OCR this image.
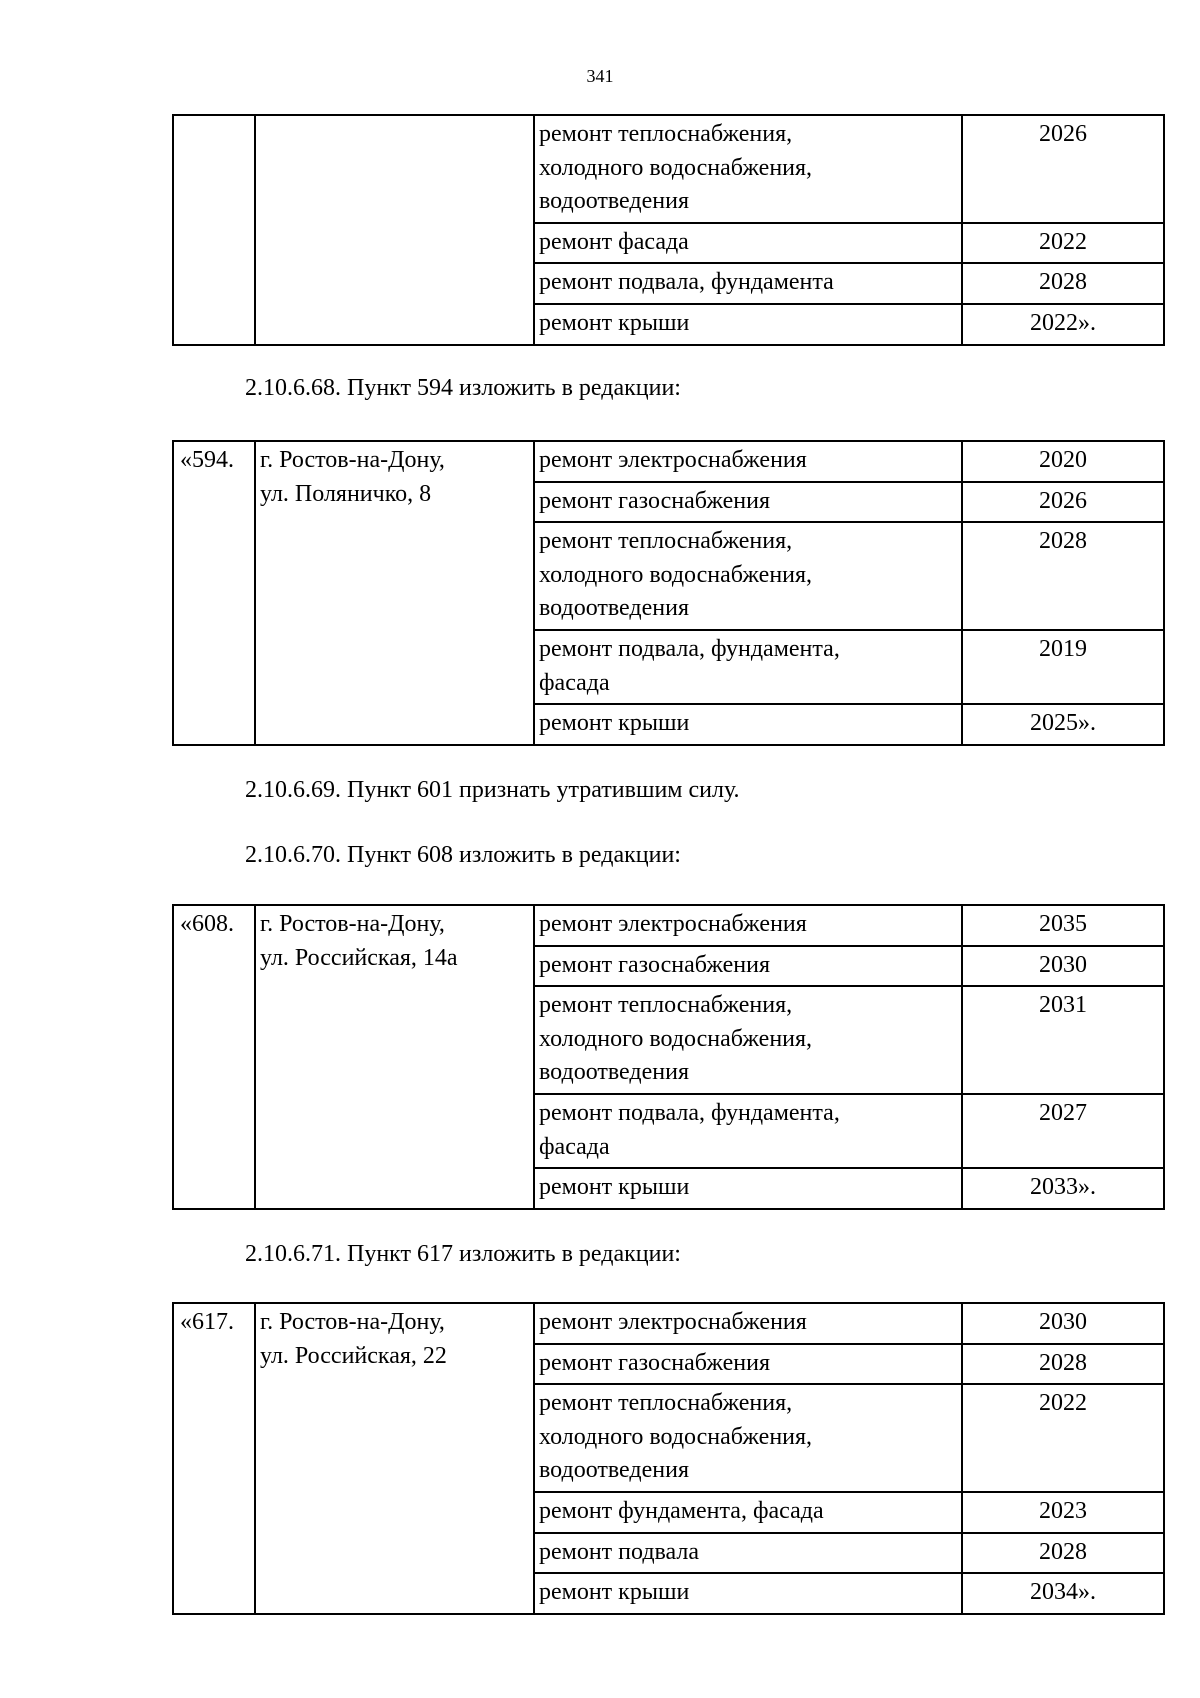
341

		ремонт теплоснабжения,
холодного водоснабжения,
водоотведения	2026

		ремонт фасада	2022

		ремонт подвала, фундамента	2028

		ремонт крыши	2022».
2.10.6.68. Пункт 594 изложить в редакции:
«594.	г. Ростов-на-Дону,
ул. Поляничко, 8	ремонт электроснабжения	2020

		ремонт газоснабжения	2026

		ремонт теплоснабжения,
холодного водоснабжения,
водоотведения	2028

		ремонт подвала, фундамента,
фасада	2019

		ремонт крыши	2025».
2.10.6.69. Пункт 601 признать утратившим силу.
2.10.6.70. Пункт 608 изложить в редакции:
«608.	г. Ростов-на-Дону,
ул. Российская, 14а	ремонт электроснабжения	2035

		ремонт газоснабжения	2030

		ремонт теплоснабжения,
холодного водоснабжения,
водоотведения	2031

		ремонт подвала, фундамента,
фасада	2027

		ремонт крыши	2033».
2.10.6.71. Пункт 617 изложить в редакции:
«617.	г. Ростов-на-Дону,
ул. Российская, 22	ремонт электроснабжения	2030

		ремонт газоснабжения	2028

		ремонт теплоснабжения,
холодного водоснабжения,
водоотведения	2022

		ремонт фундамента, фасада	2023

		ремонт подвала	2028

		ремонт крыши	2034».
